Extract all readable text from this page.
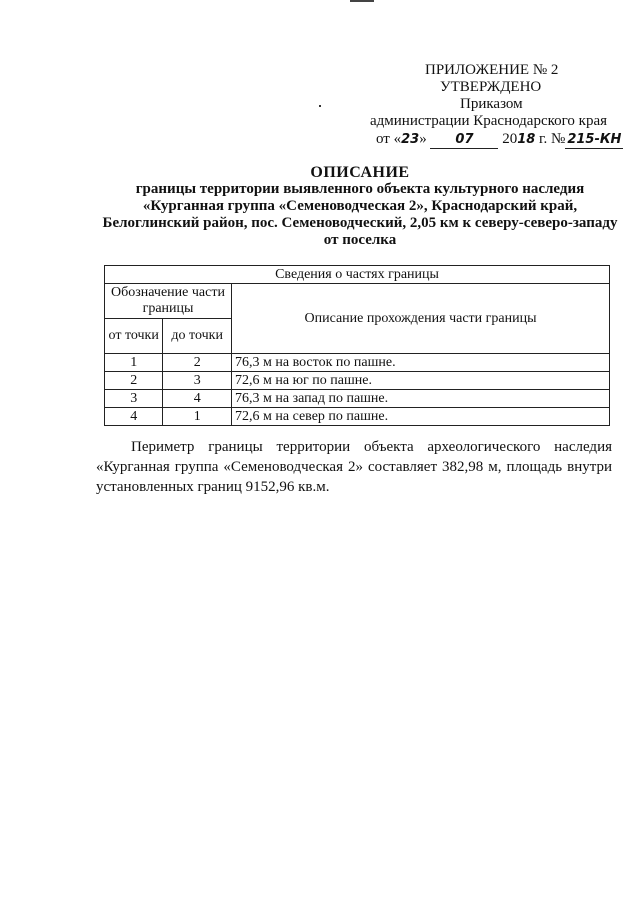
ПРИЛОЖЕНИЕ № 2
УТВЕРЖДЕНО
Приказом
администрации Краснодарского края
от «23» 07 2018 г. № 215-КН
ОПИСАНИЕ
границы территории выявленного объекта культурного наследия
«Курганная группа «Семеноводческая 2», Краснодарский край,
Белоглинский район, пос. Семеноводческий, 2,05 км к северу-северо-западу
от поселка
Сведения о частях границы		
Обозначение части границы		Описание прохождения части границы
от точки	до точки	
1	2	76,3 м на восток по пашне.
2	3	72,6 м на юг по пашне.
3	4	76,3 м на запад по пашне.
4	1	72,6 м на север по пашне.
Периметр границы территории объекта археологического наследия «Курганная группа «Семеноводческая 2» составляет 382,98 м, площадь внутри установленных границ 9152,96 кв.м.
